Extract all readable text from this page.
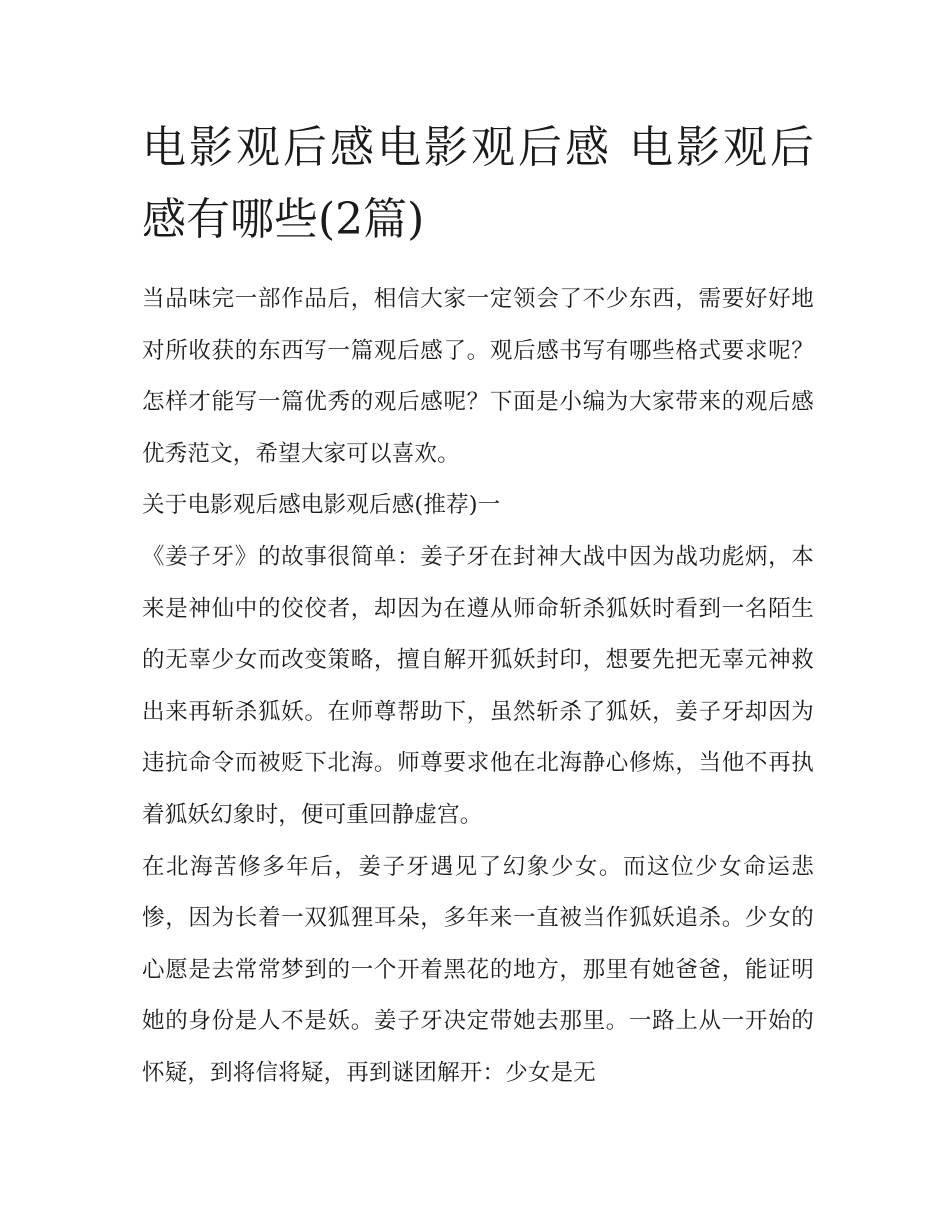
电影观后感电影观后感 电影观后感有哪些(2篇)

当品味完一部作品后，相信大家一定领会了不少东西，需要好好地对所收获的东西写一篇观后感了。观后感书写有哪些格式要求呢？怎样才能写一篇优秀的观后感呢？下面是小编为大家带来的观后感优秀范文，希望大家可以喜欢。

关于电影观后感电影观后感(推荐)一

《姜子牙》的故事很简单：姜子牙在封神大战中因为战功彪炳，本来是神仙中的佼佼者，却因为在遵从师命斩杀狐妖时看到一名陌生的无辜少女而改变策略，擅自解开狐妖封印，想要先把无辜元神救出来再斩杀狐妖。在师尊帮助下，虽然斩杀了狐妖，姜子牙却因为违抗命令而被贬下北海。师尊要求他在北海静心修炼，当他不再执着狐妖幻象时，便可重回静虚宫。

在北海苦修多年后，姜子牙遇见了幻象少女。而这位少女命运悲惨，因为长着一双狐狸耳朵，多年来一直被当作狐妖追杀。少女的心愿是去常常梦到的一个开着黑花的地方，那里有她爸爸，能证明她的身份是人不是妖。姜子牙决定带她去那里。一路上从一开始的怀疑，到将信将疑，再到谜团解开：少女是无
